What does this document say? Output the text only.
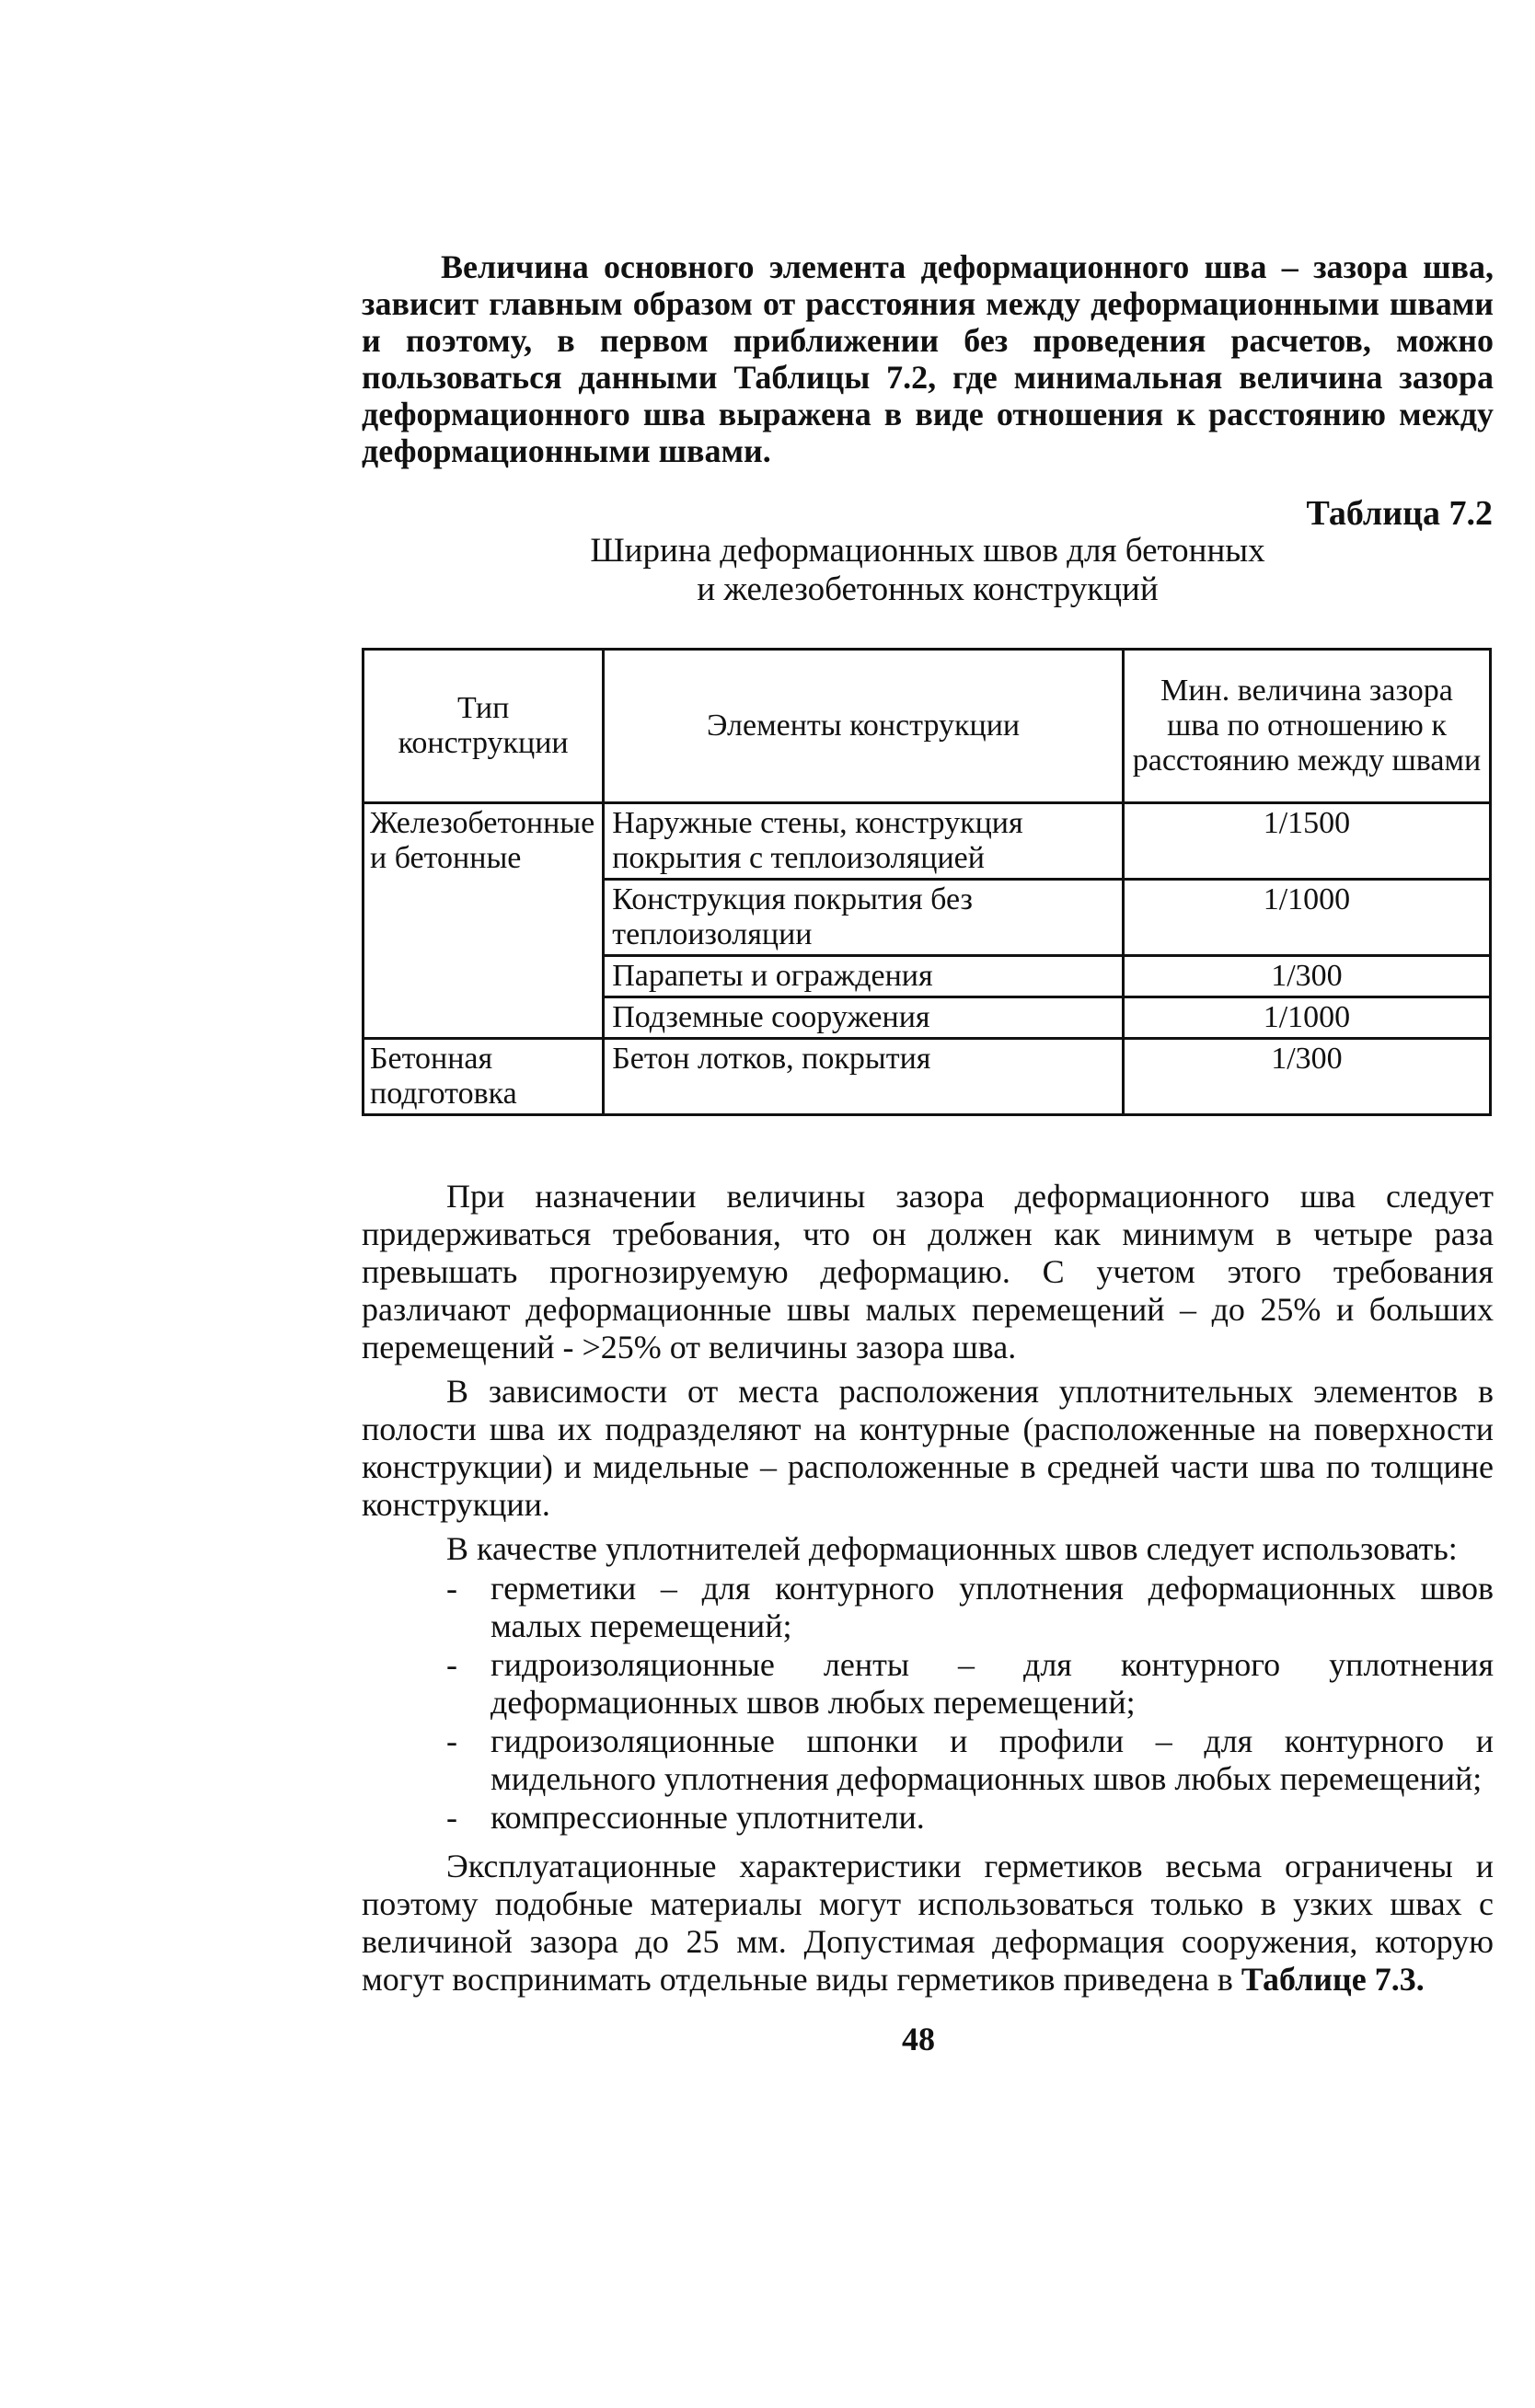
Величина основного элемента деформационного шва – зазора шва, зависит главным образом от расстояния между деформационными швами и поэтому, в первом приближении без проведения расчетов, можно пользоваться данными Таблицы 7.2, где минимальная величина зазора деформационного шва выражена в виде отношения к расстоянию между деформационными швами.
Таблица 7.2
Ширина деформационных швов для бетонных
и железобетонных конструкций
Тип конструкции	Элементы конструкции	Мин. величина зазора шва по отношению к расстоянию между швами
Железобетонные и бетонные	Наружные стены, конструкция покрытия с теплоизоляцией	1/1500
	Конструкция покрытия без теплоизоляции	1/1000
	Парапеты и ограждения	1/300
	Подземные сооружения	1/1000
Бетонная подготовка	Бетон лотков, покрытия	1/300
При назначении величины зазора деформационного шва следует придерживаться требования, что он должен как минимум в четыре раза превышать прогнозируемую деформацию. С учетом этого требования различают деформационные швы малых перемещений – до 25% и больших перемещений - >25% от величины зазора шва.
В зависимости от места расположения уплотнительных элементов в полости шва их подразделяют на контурные (расположенные на поверхности конструкции) и мидельные – расположенные в средней части шва по толщине конструкции.
В качестве уплотнителей деформационных швов следует использовать:
- герметики – для контурного уплотнения деформационных швов малых перемещений;
- гидроизоляционные ленты – для контурного уплотнения деформационных швов любых перемещений;
- гидроизоляционные шпонки и профили – для контурного и мидельного уплотнения деформационных швов любых перемещений;
- компрессионные уплотнители.
Эксплуатационные характеристики герметиков весьма ограничены и поэтому подобные материалы могут использоваться только в узких швах с величиной зазора до 25 мм. Допустимая деформация сооружения, которую могут воспринимать отдельные виды герметиков приведена в Таблице 7.3.
48
